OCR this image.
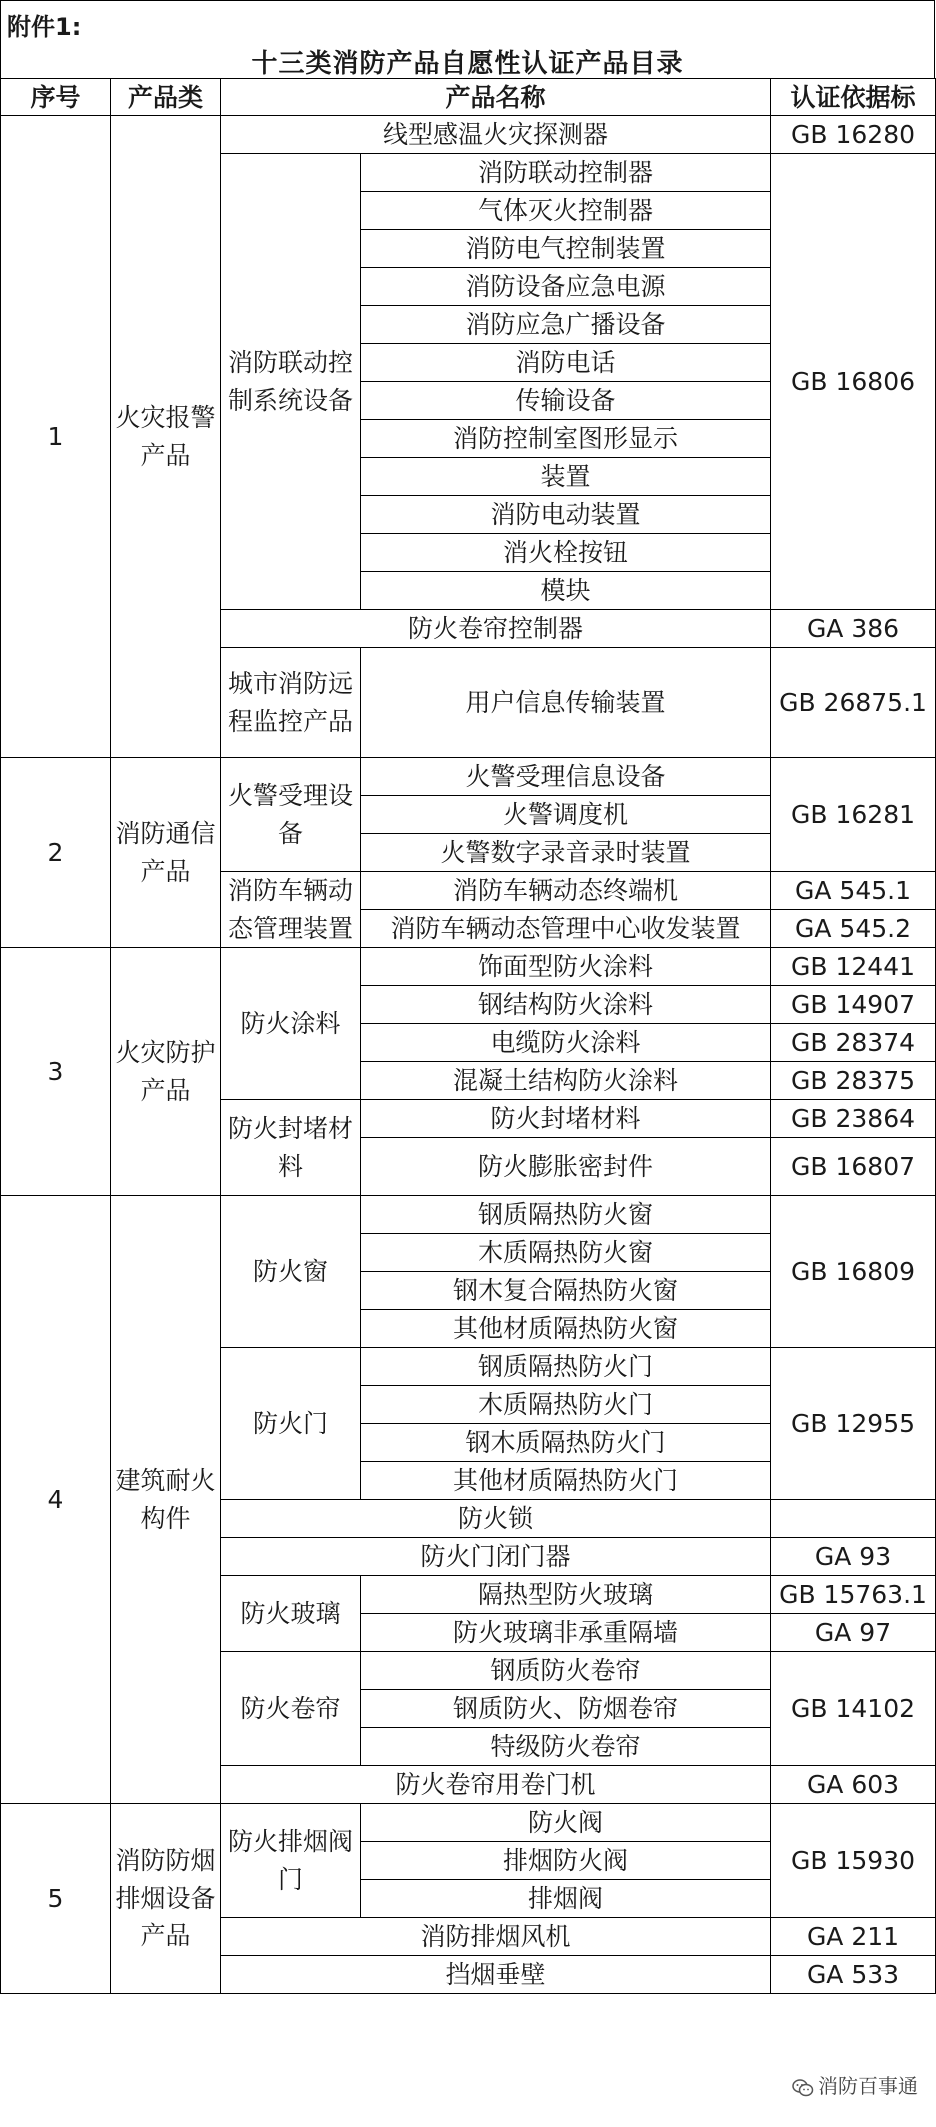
附件1:
十三类消防产品自愿性认证产品目录
序号	产品类	产品名称		认证依据标
1	火灾报警产品	线型感温火灾探测器		GB 16280
		消防联动控制系统设备	消防联动控制器	GB 16806
			气体灭火控制器	
			消防电气控制装置	
			消防设备应急电源	
			消防应急广播设备	
			消防电话	
			传输设备	
			消防控制室图形显示	
			装置	
			消防电动装置	
			消火栓按钮	
			模块	
		防火卷帘控制器		GA 386
		城市消防远程监控产品	用户信息传输装置	GB 26875.1
2	消防通信产品	火警受理设备	火警受理信息设备	GB 16281
			火警调度机	
			火警数字录音录时装置	
		消防车辆动态管理装置	消防车辆动态终端机	GA 545.1
			消防车辆动态管理中心收发装置	GA 545.2
3	火灾防护产品	防火涂料	饰面型防火涂料	GB 12441
			钢结构防火涂料	GB 14907
			电缆防火涂料	GB 28374
			混凝土结构防火涂料	GB 28375
		防火封堵材料	防火封堵材料	GB 23864
			防火膨胀密封件	GB 16807
4	建筑耐火构件	防火窗	钢质隔热防火窗	GB 16809
			木质隔热防火窗	
			钢木复合隔热防火窗	
			其他材质隔热防火窗	
		防火门	钢质隔热防火门	GB 12955
			木质隔热防火门	
			钢木质隔热防火门	
			其他材质隔热防火门	
		防火锁		
		防火门闭门器		GA 93
		防火玻璃	隔热型防火玻璃	GB 15763.1
			防火玻璃非承重隔墙	GA 97
		防火卷帘	钢质防火卷帘	GB 14102
			钢质防火、防烟卷帘	
			特级防火卷帘	
		防火卷帘用卷门机		GA 603
5	消防防烟排烟设备产品	防火排烟阀门	防火阀	GB 15930
			排烟防火阀	
			排烟阀	
		消防排烟风机		GA 211
		挡烟垂壁		GA 533
消防百事通
